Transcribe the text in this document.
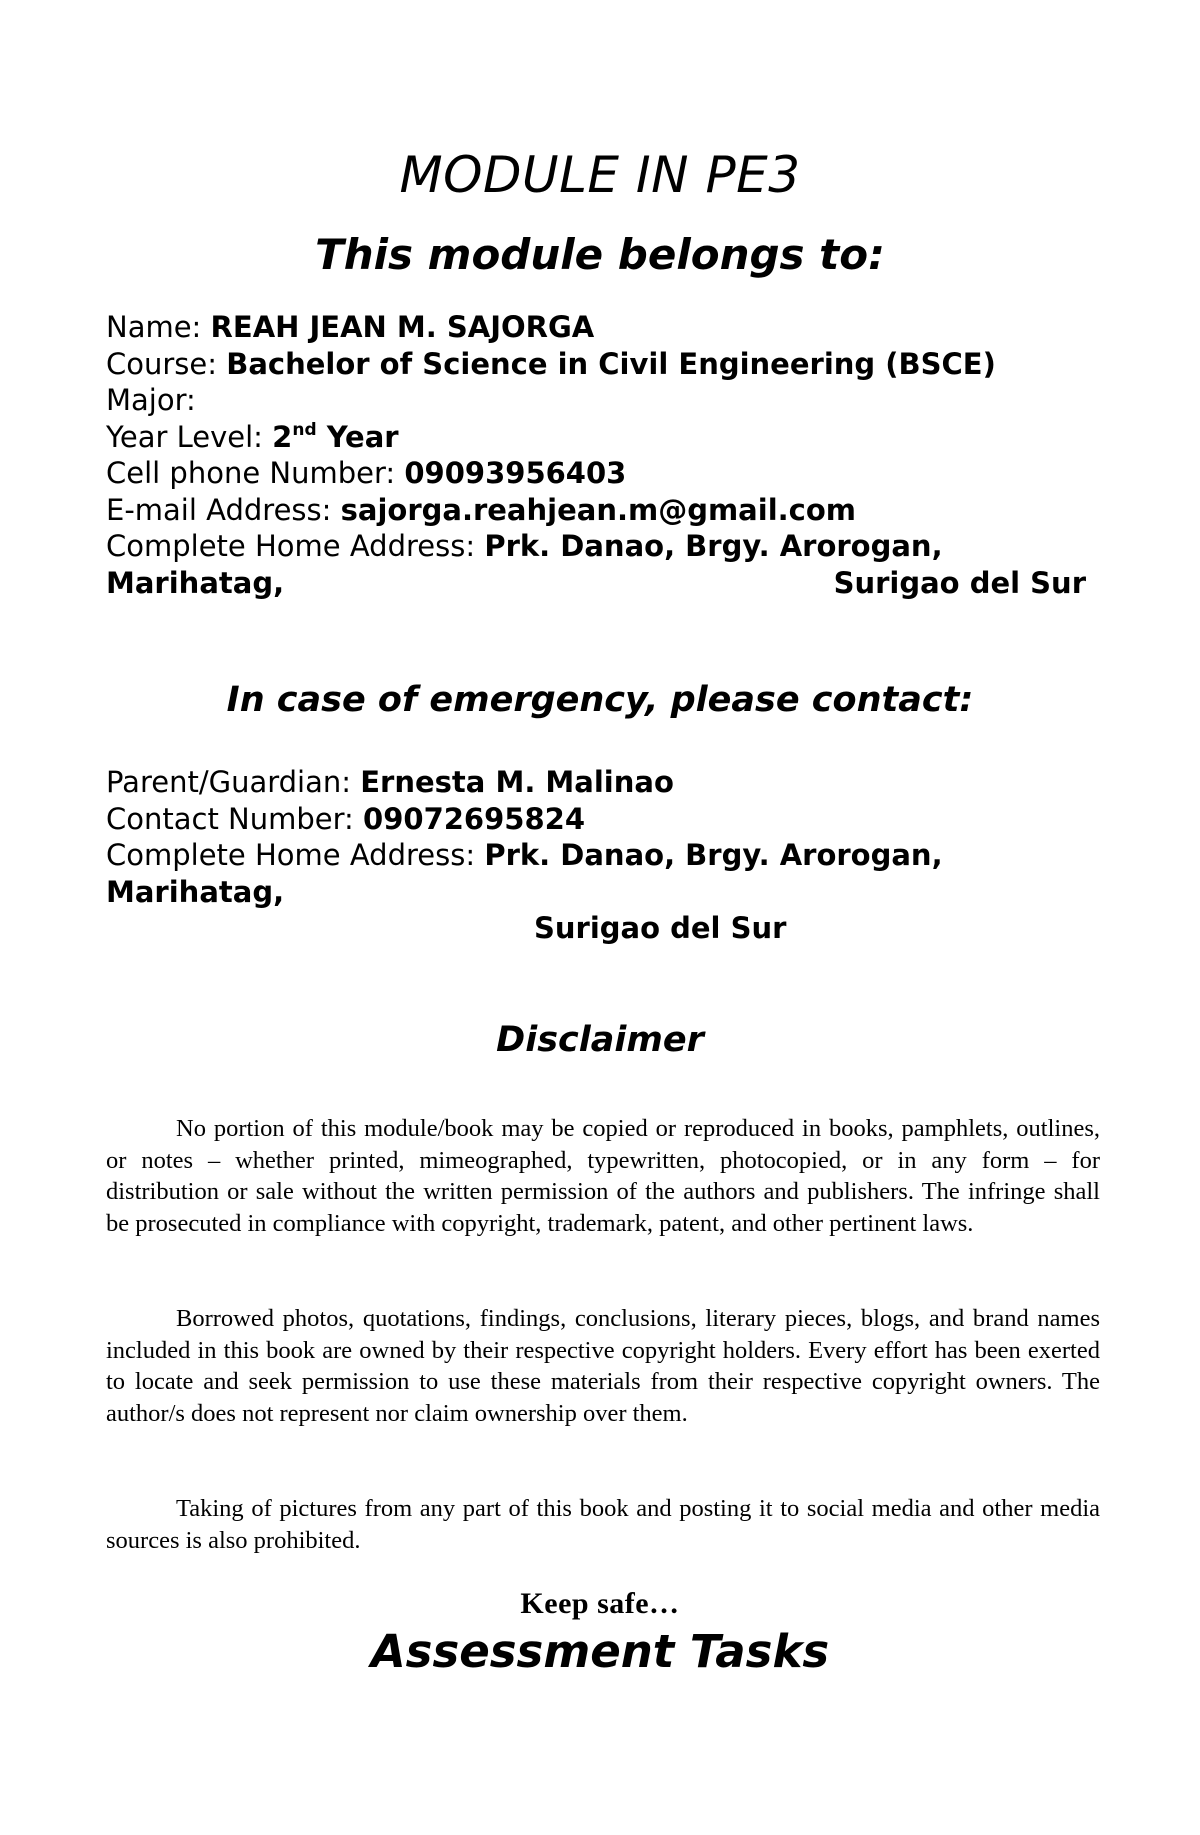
MODULE IN PE3
This module belongs to:
Name: REAH JEAN M. SAJORGA
Course: Bachelor of Science in Civil Engineering (BSCE)
Major:
Year Level: 2nd Year
Cell phone Number: 09093956403
E-mail Address: sajorga.reahjean.m@gmail.com
Complete Home Address: Prk. Danao, Brgy. Arorogan,
Marihatag,	Surigao del Sur
In case of emergency, please contact:
Parent/Guardian: Ernesta M. Malinao
Contact Number: 09072695824
Complete Home Address: Prk. Danao, Brgy. Arorogan,
Marihatag,
Surigao del Sur
Disclaimer

No portion of this module/book may be copied or reproduced in books, pamphlets, outlines, or notes – whether printed, mimeographed, typewritten, photocopied, or in any form – for distribution or sale without the written permission of the authors and publishers. The infringe shall be prosecuted in compliance with copyright, trademark, patent, and other pertinent laws.

Borrowed photos, quotations, findings, conclusions, literary pieces, blogs, and brand names included in this book are owned by their respective copyright holders. Every effort has been exerted to locate and seek permission to use these materials from their respective copyright owners. The author/s does not represent nor claim ownership over them.

Taking of pictures from any part of this book and posting it to social media and other media sources is also prohibited.

Keep safe…
Assessment Tasks
